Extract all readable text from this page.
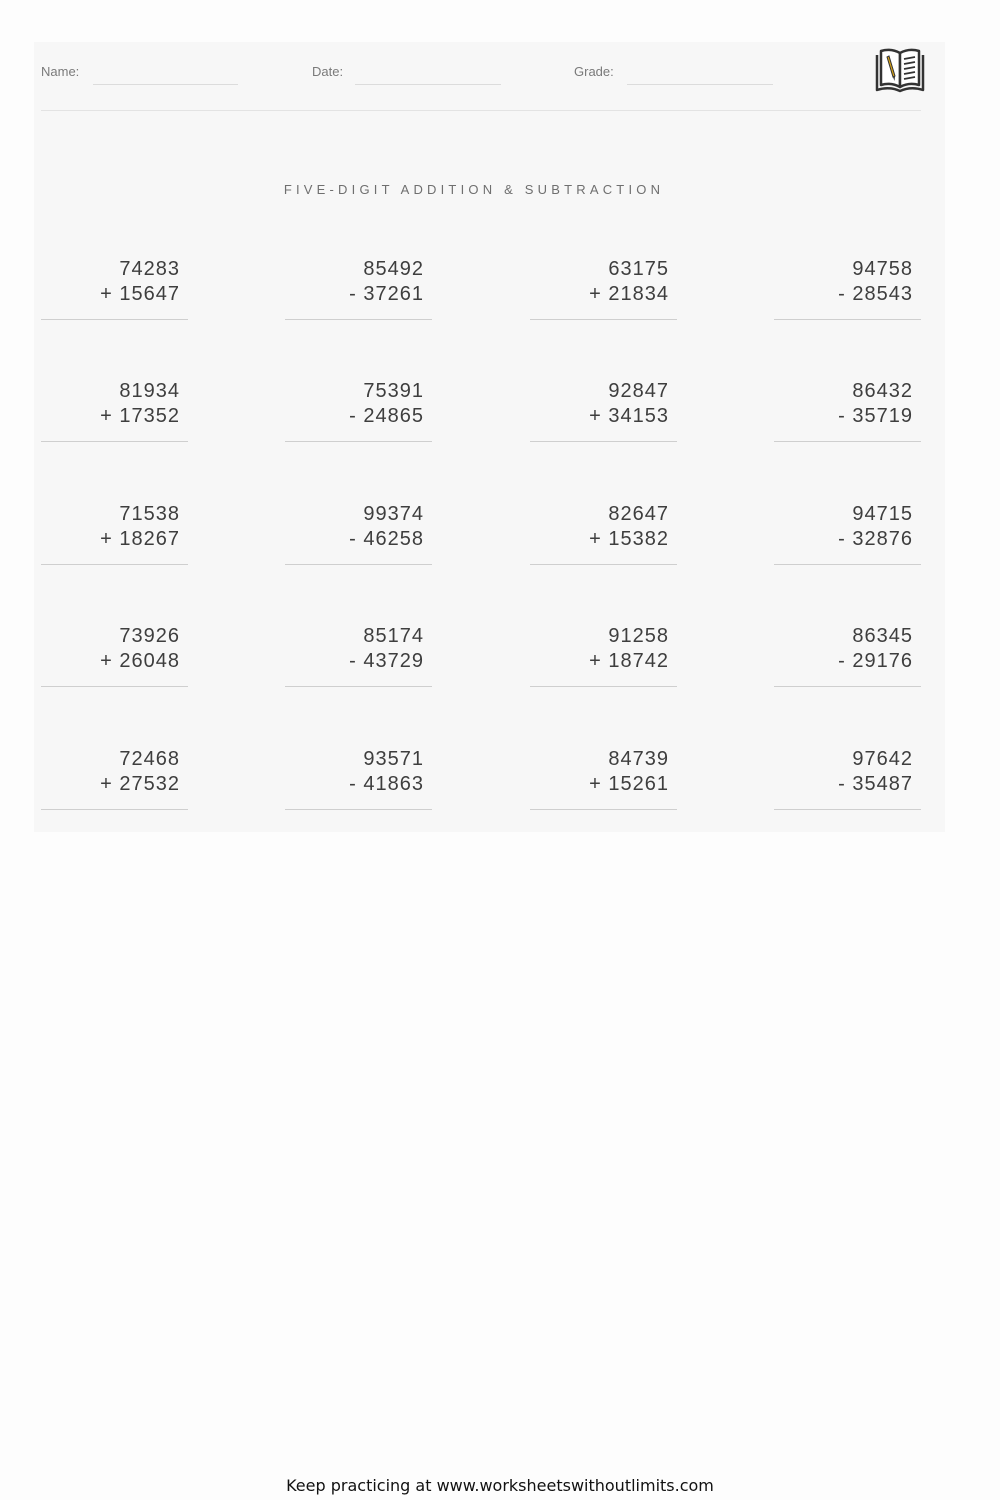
Name:	Date:	Grade:
FIVE-DIGIT ADDITION & SUBTRACTION
74283
+ 15647
85492
- 37261
63175
+ 21834
94758
- 28543
81934
+ 17352
75391
- 24865
92847
+ 34153
86432
- 35719
71538
+ 18267
99374
- 46258
82647
+ 15382
94715
- 32876
73926
+ 26048
85174
- 43729
91258
+ 18742
86345
- 29176
72468
+ 27532
93571
- 41863
84739
+ 15261
97642
- 35487
Keep practicing at www.worksheetswithoutlimits.com
